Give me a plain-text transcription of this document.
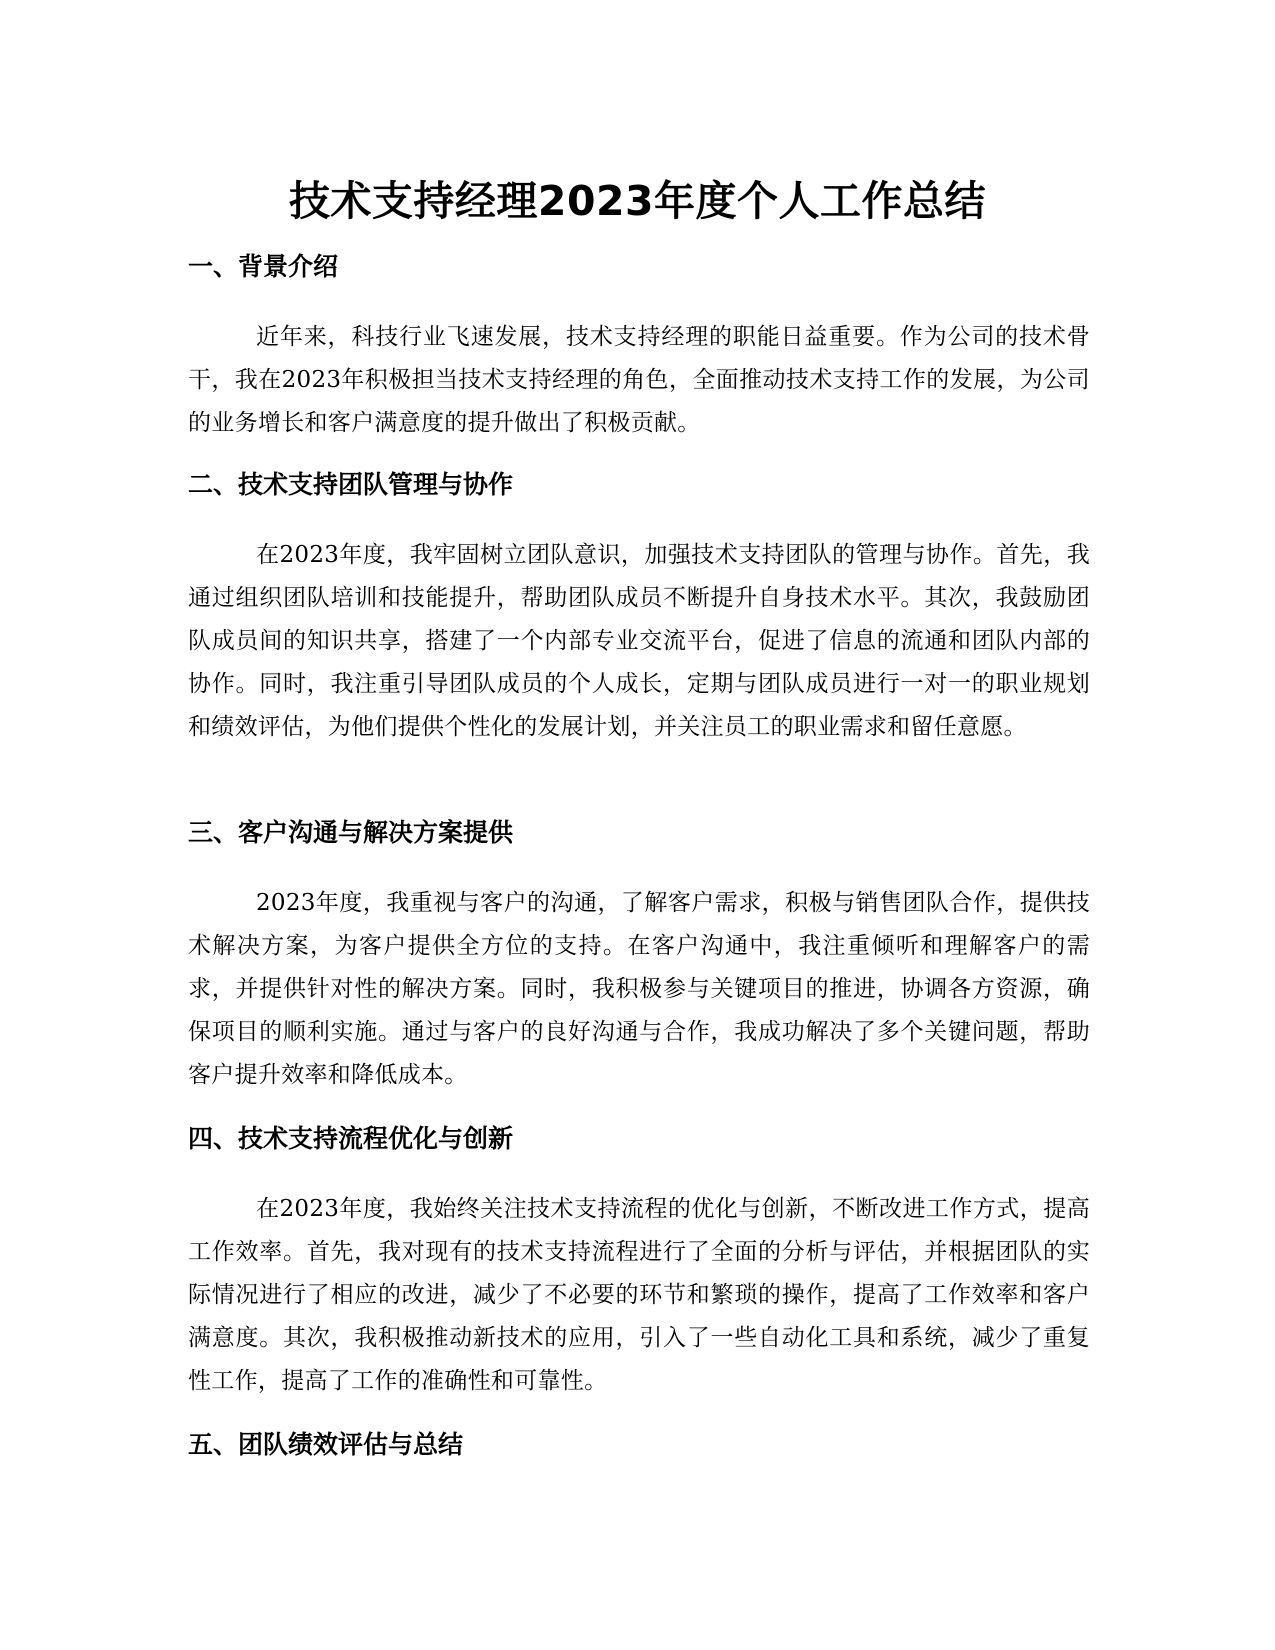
技术支持经理2023年度个人工作总结
一、背景介绍

近年来，科技行业飞速发展，技术支持经理的职能日益重要。作为公司的技术骨干，我在2023年积极担当技术支持经理的角色，全面推动技术支持工作的发展，为公司的业务增长和客户满意度的提升做出了积极贡献。

二、技术支持团队管理与协作

在2023年度，我牢固树立团队意识，加强技术支持团队的管理与协作。首先，我通过组织团队培训和技能提升，帮助团队成员不断提升自身技术水平。其次，我鼓励团队成员间的知识共享，搭建了一个内部专业交流平台，促进了信息的流通和团队内部的协作。同时，我注重引导团队成员的个人成长，定期与团队成员进行一对一的职业规划和绩效评估，为他们提供个性化的发展计划，并关注员工的职业需求和留任意愿。

三、客户沟通与解决方案提供

2023年度，我重视与客户的沟通，了解客户需求，积极与销售团队合作，提供技术解决方案，为客户提供全方位的支持。在客户沟通中，我注重倾听和理解客户的需求，并提供针对性的解决方案。同时，我积极参与关键项目的推进，协调各方资源，确保项目的顺利实施。通过与客户的良好沟通与合作，我成功解决了多个关键问题，帮助客户提升效率和降低成本。

四、技术支持流程优化与创新

在2023年度，我始终关注技术支持流程的优化与创新，不断改进工作方式，提高工作效率。首先，我对现有的技术支持流程进行了全面的分析与评估，并根据团队的实际情况进行了相应的改进，减少了不必要的环节和繁琐的操作，提高了工作效率和客户满意度。其次，我积极推动新技术的应用，引入了一些自动化工具和系统，减少了重复性工作，提高了工作的准确性和可靠性。

五、团队绩效评估与总结
